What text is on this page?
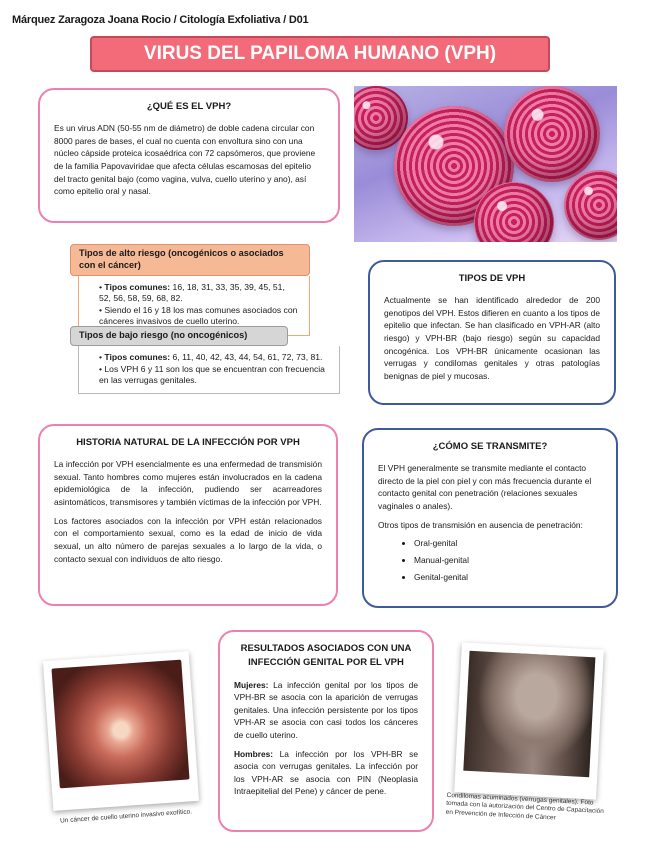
Márquez Zaragoza Joana Rocio / Citología Exfoliativa / D01
VIRUS DEL PAPILOMA HUMANO (VPH)
¿QUÉ ES EL VPH?

Es un virus ADN (50-55 nm de diámetro) de doble cadena circular con 8000 pares de bases, el cual no cuenta con envoltura sino con una núcleo cápside proteica icosaédrica con 72 capsómeros, que proviene de la familia Papovaviridae que afecta células escamosas del epitelio del tracto genital bajo (como vagina, vulva, cuello uterino y ano), así como epitelio oral y nasal.

Tipos de alto riesgo (oncogénicos o asociados con el cáncer)
• Tipos comunes: 16, 18, 31, 33, 35, 39, 45, 51, 52, 56, 58, 59, 68, 82.
• Siendo el 16 y 18 los mas comunes asociados con cánceres invasivos de cuello uterino.
Tipos de bajo riesgo (no oncogénicos)
• Tipos comunes: 6, 11, 40, 42, 43, 44, 54, 61, 72, 73, 81.
• Los VPH 6 y 11 son los que se encuentran con frecuencia en las verrugas genitales.
TIPOS DE VPH

Actualmente se han identificado alrededor de 200 genotipos del VPH. Estos difieren en cuanto a los tipos de epitelio que infectan. Se han clasificado en VPH-AR (alto riesgo) y VPH-BR (bajo riesgo) según su capacidad oncogénica. Los VPH-BR únicamente ocasionan las verrugas y condilomas genitales y otras patologías benignas de piel y mucosas.

HISTORIA NATURAL DE LA INFECCIÓN POR VPH

La infección por VPH esencialmente es una enfermedad de transmisión sexual. Tanto hombres como mujeres están involucrados en la cadena epidemiológica de la infección, pudiendo ser acarreadores asintomáticos, transmisores y también víctimas de la infección por VPH.

Los factores asociados con la infección por VPH están relacionados con el comportamiento sexual, como es la edad de inicio de vida sexual, un alto número de parejas sexuales a lo largo de la vida, o contacto sexual con individuos de alto riesgo.

¿CÓMO SE TRANSMITE?

El VPH generalmente se transmite mediante el contacto directo de la piel con piel y con más frecuencia durante el contacto genital con penetración (relaciones sexuales vaginales o anales).

Otros tipos de transmisión en ausencia de penetración:

• Oral-genital
• Manual-genital
• Genital-genital
RESULTADOS ASOCIADOS CON UNA INFECCIÓN GENITAL POR EL VPH

Mujeres: La infección genital por los tipos de VPH-BR se asocia con la aparición de verrugas genitales. Una infección persistente por los tipos VPH-AR se asocia con casi todos los cánceres de cuello uterino.

Hombres: La infección por los VPH-BR se asocia con verrugas genitales. La infección por los VPH-AR se asocia con PIN (Neoplasia Intraepitelial del Pene) y cáncer de pene.

Un cáncer de cuello uterino invasivo exofítico.
Condilomas acuminados (verrugas genitales). Foto tomada con la autorización del Centro de Capacitación en Prevención de Infección de Cáncer
